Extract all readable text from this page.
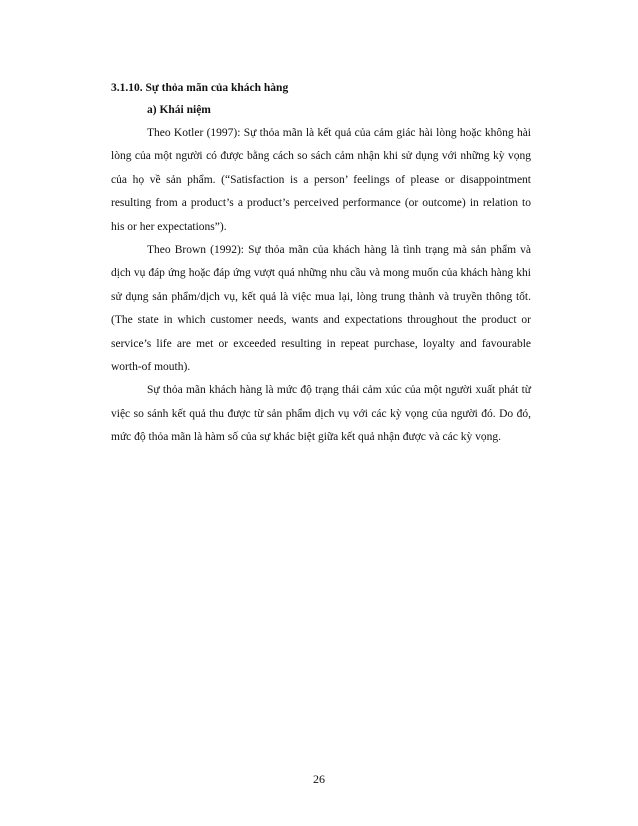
3.1.10. Sự thỏa mãn của khách hàng
a) Khái niệm

Theo Kotler (1997): Sự thỏa mãn là kết quả của cảm giác hài lòng hoặc không hài lòng của một người có được bằng cách so sách cảm nhận khi sử dụng với những kỳ vọng của họ về sản phẩm. (“Satisfaction is a person’ feelings of please or disappointment resulting from a product’s a product’s perceived performance (or outcome) in relation to his or her expectations”).

Theo Brown (1992): Sự thỏa mãn của khách hàng là tình trạng mà sản phẩm và dịch vụ đáp ứng hoặc đáp ứng vượt quá những nhu cầu và mong muốn của khách hàng khi sử dụng sản phẩm/dịch vụ, kết quả là việc mua lại, lòng trung thành và truyền thông tốt. (The state in which customer needs, wants and expectations throughout the product or service’s life are met or exceeded resulting in repeat purchase, loyalty and favourable worth-of mouth).

Sự thỏa mãn khách hàng là mức độ trạng thái cảm xúc của một người xuất phát từ việc so sánh kết quả thu được từ sản phẩm dịch vụ với các kỳ vọng của người đó. Do đó, mức độ thỏa mãn là hàm số của sự khác biệt giữa kết quả nhận được và các kỳ vọng.

26
